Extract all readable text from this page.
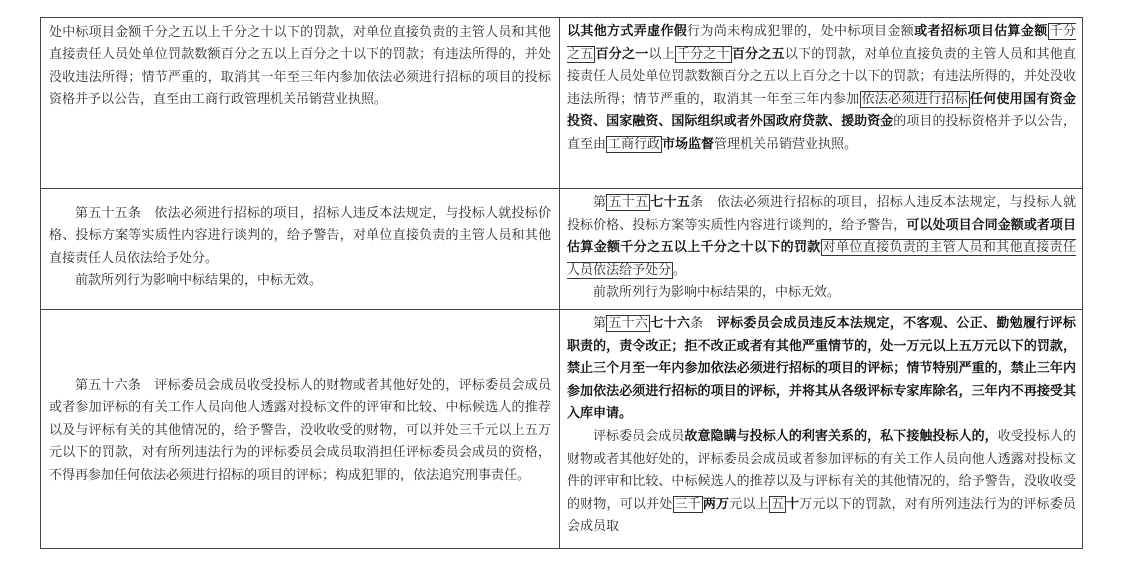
处中标项目金额千分之五以上千分之十以下的罚款，对单位直接负责的主管人员和其他直接责任人员处单位罚款数额百分之五以上百分之十以下的罚款；有违法所得的，并处没收违法所得；情节严重的，取消其一年至三年内参加依法必须进行招标的项目的投标资格并予以公告，直至由工商行政管理机关吊销营业执照。

以其他方式弄虚作假行为尚未构成犯罪的，处中标项目金额或者招标项目估算金额 千分之五 百分之一以上 千分之十 百分之五以下的罚款，对单位直接负责的主管人员和其他直接责任人员处单位罚款数额百分之五以上百分之十以下的罚款；有违法所得的，并处没收违法所得；情节严重的，取消其一年至三年内参加 依法必须进行招标 任何使用国有资金投资、国家融资、国际组织或者外国政府贷款、援助资金的项目的投标资格并予以公告，直至由 工商行政 市场监督管理机关吊销营业执照。

第五十五条　依法必须进行招标的项目，招标人违反本法规定，与投标人就投标价格、投标方案等实质性内容进行谈判的，给予警告，对单位直接负责的主管人员和其他直接责任人员依法给予处分。

前款所列行为影响中标结果的，中标无效。

第 五十五 七十五条　依法必须进行招标的项目，招标人违反本法规定，与投标人就投标价格、投标方案等实质性内容进行谈判的，给予警告，可以处项目合同金额或者项目估算金额千分之五以上千分之十以下的罚款 对单位直接负责的主管人员和其他直接责任人员依法给予处分 。

前款所列行为影响中标结果的，中标无效。

第五十六条　评标委员会成员收受投标人的财物或者其他好处的，评标委员会成员或者参加评标的有关工作人员向他人透露对投标文件的评审和比较、中标候选人的推荐以及与评标有关的其他情况的，给予警告，没收收受的财物，可以并处三千元以上五万元以下的罚款，对有所列违法行为的评标委员会成员取消担任评标委员会成员的资格，不得再参加任何依法必须进行招标的项目的评标；构成犯罪的，依法追究刑事责任。

第 五十六 七十六条　评标委员会成员违反本法规定，不客观、公正、勤勉履行评标职责的，责令改正；拒不改正或者有其他严重情节的，处一万元以上五万元以下的罚款，禁止三个月至一年内参加依法必须进行招标的项目的评标；情节特别严重的，禁止三年内参加依法必须进行招标的项目的评标，并将其从各级评标专家库除名，三年内不再接受其入库申请。

评标委员会成员故意隐瞒与投标人的利害关系的，私下接触投标人的，收受投标人的财物或者其他好处的，评标委员会成员或者参加评标的有关工作人员向他人透露对投标文件的评审和比较、中标候选人的推荐以及与评标有关的其他情况的，给予警告，没收收受的财物，可以并处 三千 两万元以上 五 十万元以下的罚款，对有所列违法行为的评标委员会成员取
